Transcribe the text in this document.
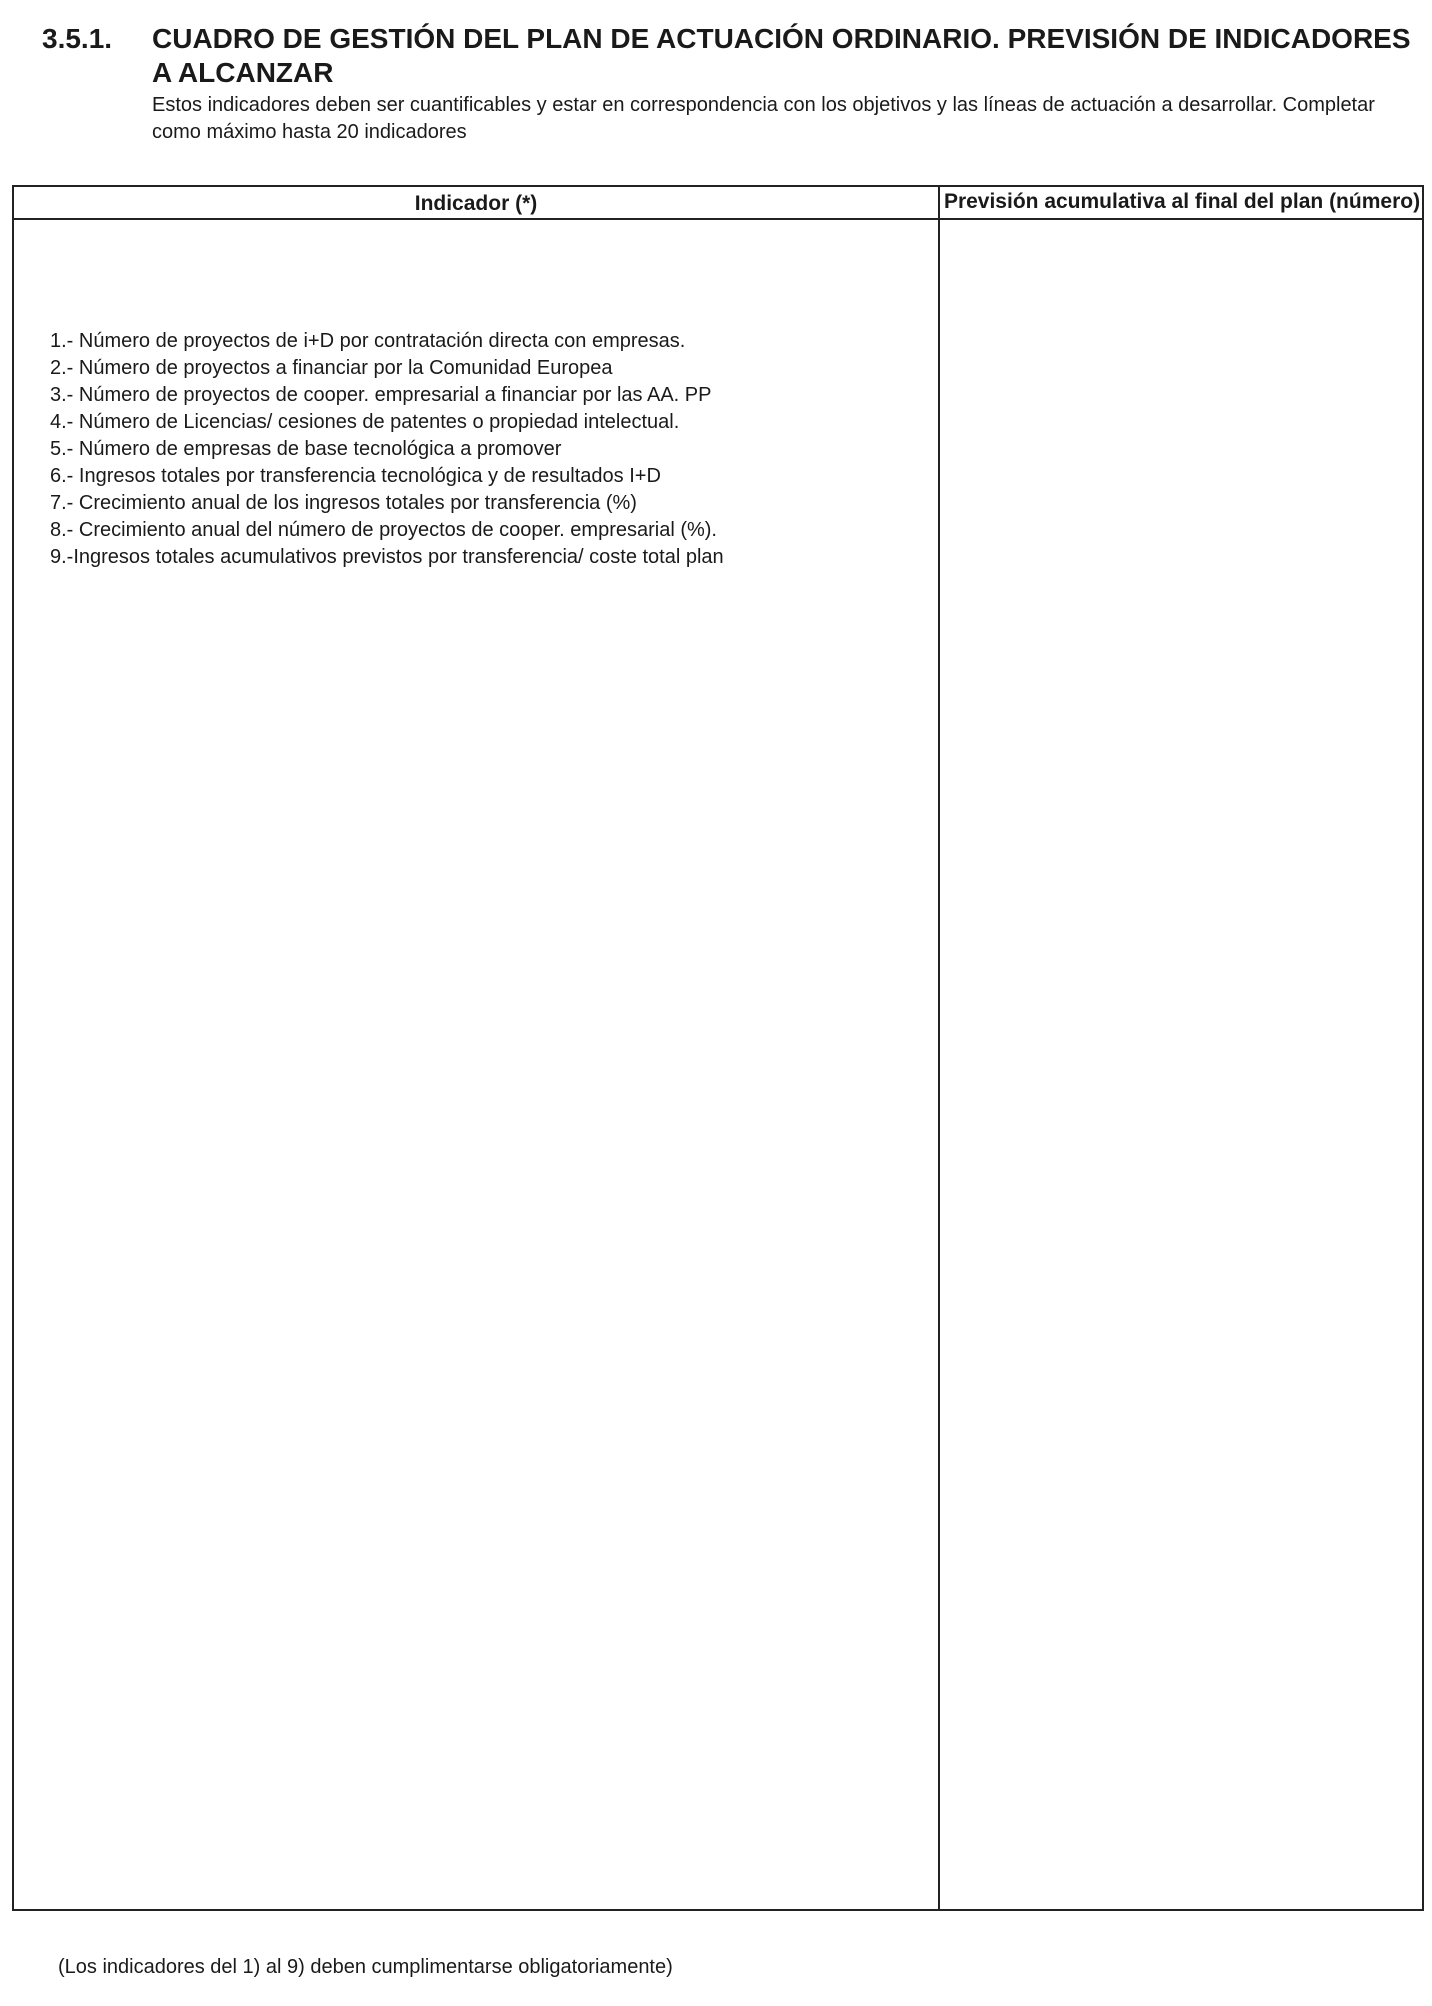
3.5.1. CUADRO DE GESTIÓN DEL PLAN DE ACTUACIÓN ORDINARIO. PREVISIÓN DE INDICADORES A ALCANZAR
Estos indicadores deben ser cuantificables y estar en correspondencia con los objetivos y las líneas de actuación a desarrollar. Completar como máximo hasta 20 indicadores
Indicador (*)	Previsión acumulativa al final del plan (número)
1.- Número de proyectos de i+D por contratación directa con empresas.
2.- Número de proyectos a financiar por la Comunidad Europea
3.- Número de proyectos de cooper. empresarial a financiar por las AA. PP
4.- Número de Licencias/ cesiones de patentes o propiedad intelectual.
5.- Número de empresas de base tecnológica a promover
6.- Ingresos totales por transferencia tecnológica y de resultados I+D
7.- Crecimiento anual de los ingresos totales por transferencia (%)
8.- Crecimiento anual del número de proyectos de cooper. empresarial (%).
9.-Ingresos totales acumulativos previstos por transferencia/ coste total plan
(Los indicadores del 1) al 9) deben cumplimentarse obligatoriamente)
